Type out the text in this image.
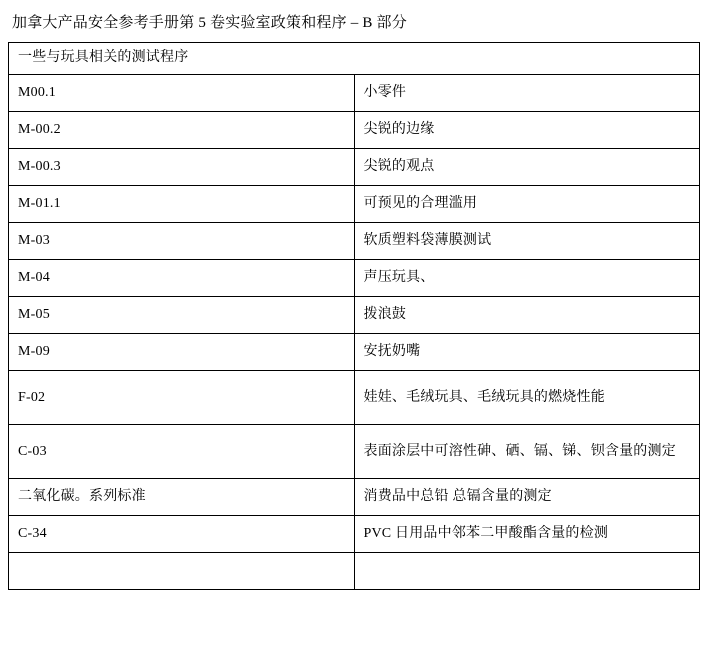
加拿大产品安全参考手册第 5 卷实验室政策和程序 – B 部分
一些与玩具相关的测试程序	
M00.1	小零件
M-00.2	尖锐的边缘
M-00.3	尖锐的观点
M-01.1	可预见的合理滥用
M-03	软质塑料袋薄膜测试
M-04	声压玩具、
M-05	拨浪鼓
M-09	安抚奶嘴
F-02	娃娃、毛绒玩具、毛绒玩具的燃烧性能
C-03	表面涂层中可溶性砷、硒、镉、锑、钡含量的测定
二氧化碳。系列标准	消费品中总铅 总镉含量的测定
C-34	PVC 日用品中邻苯二甲酸酯含量的检测
